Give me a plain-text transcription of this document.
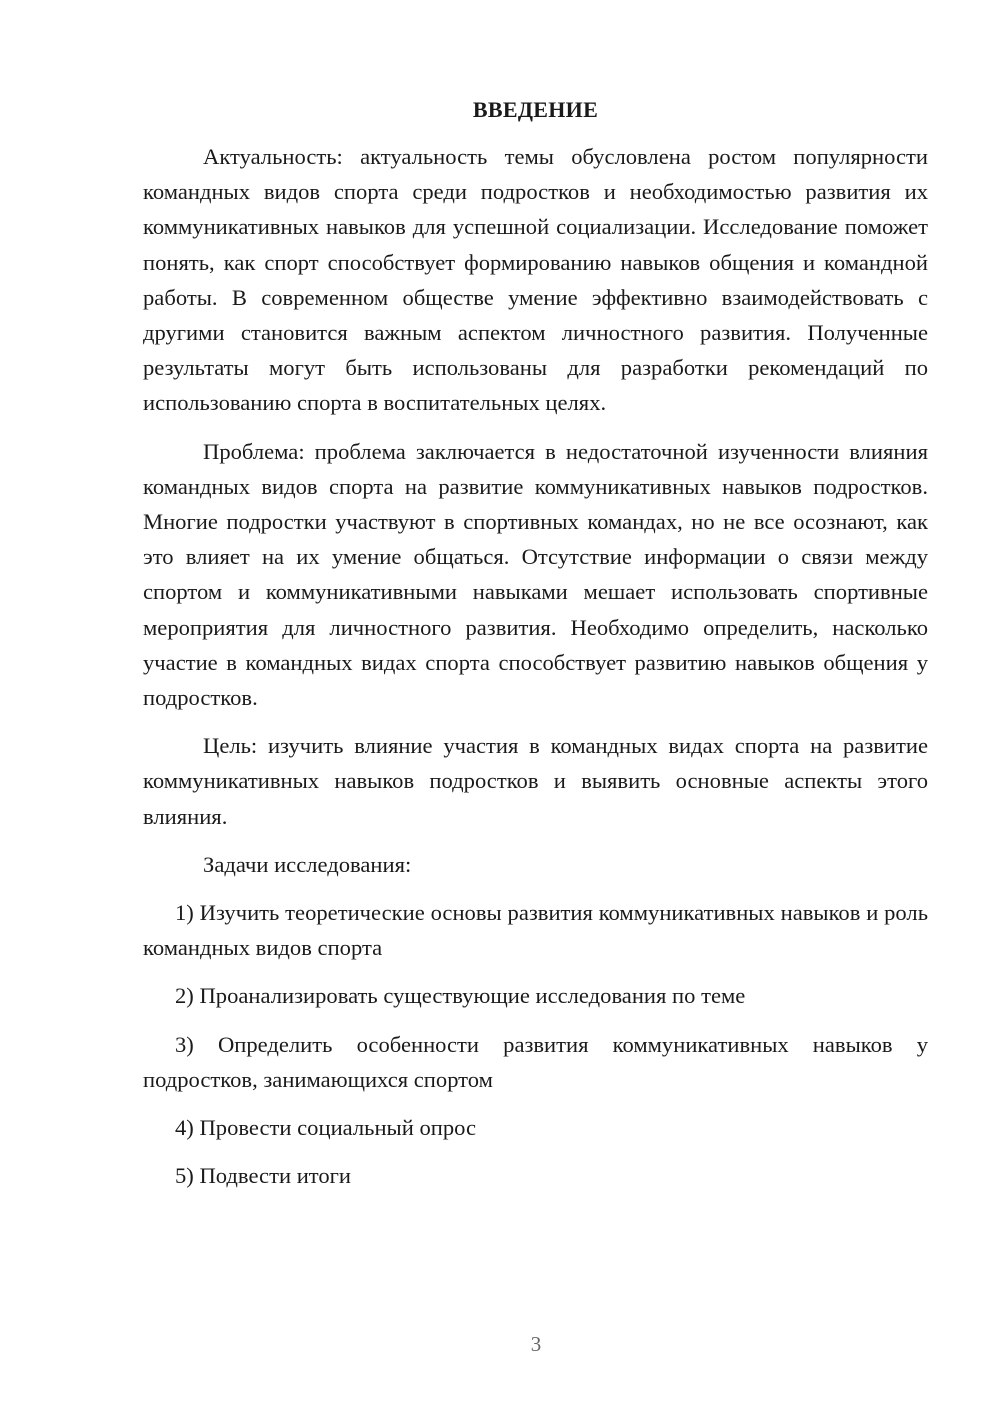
ВВЕДЕНИЕ

Актуальность: актуальность темы обусловлена ростом популярности командных видов спорта среди подростков и необходимостью развития их коммуникативных навыков для успешной социализации. Исследование поможет понять, как спорт способствует формированию навыков общения и командной работы. В современном обществе умение эффективно взаимодействовать с другими становится важным аспектом личностного развития. Полученные результаты могут быть использованы для разработки рекомендаций по использованию спорта в воспитательных целях.

Проблема: проблема заключается в недостаточной изученности влияния командных видов спорта на развитие коммуникативных навыков подростков. Многие подростки участвуют в спортивных командах, но не все осознают, как это влияет на их умение общаться. Отсутствие информации о связи между спортом и коммуникативными навыками мешает использовать спортивные мероприятия для личностного развития. Необходимо определить, насколько участие в командных видах спорта способствует развитию навыков общения у подростков.

Цель: изучить влияние участия в командных видах спорта на развитие коммуникативных навыков подростков и выявить основные аспекты этого влияния.

Задачи исследования:

1) Изучить теоретические основы развития коммуникативных навыков и роль командных видов спорта

2) Проанализировать существующие исследования по теме

3) Определить особенности развития коммуникативных навыков у подростков, занимающихся спортом

4) Провести социальный опрос

5) Подвести итоги

3
